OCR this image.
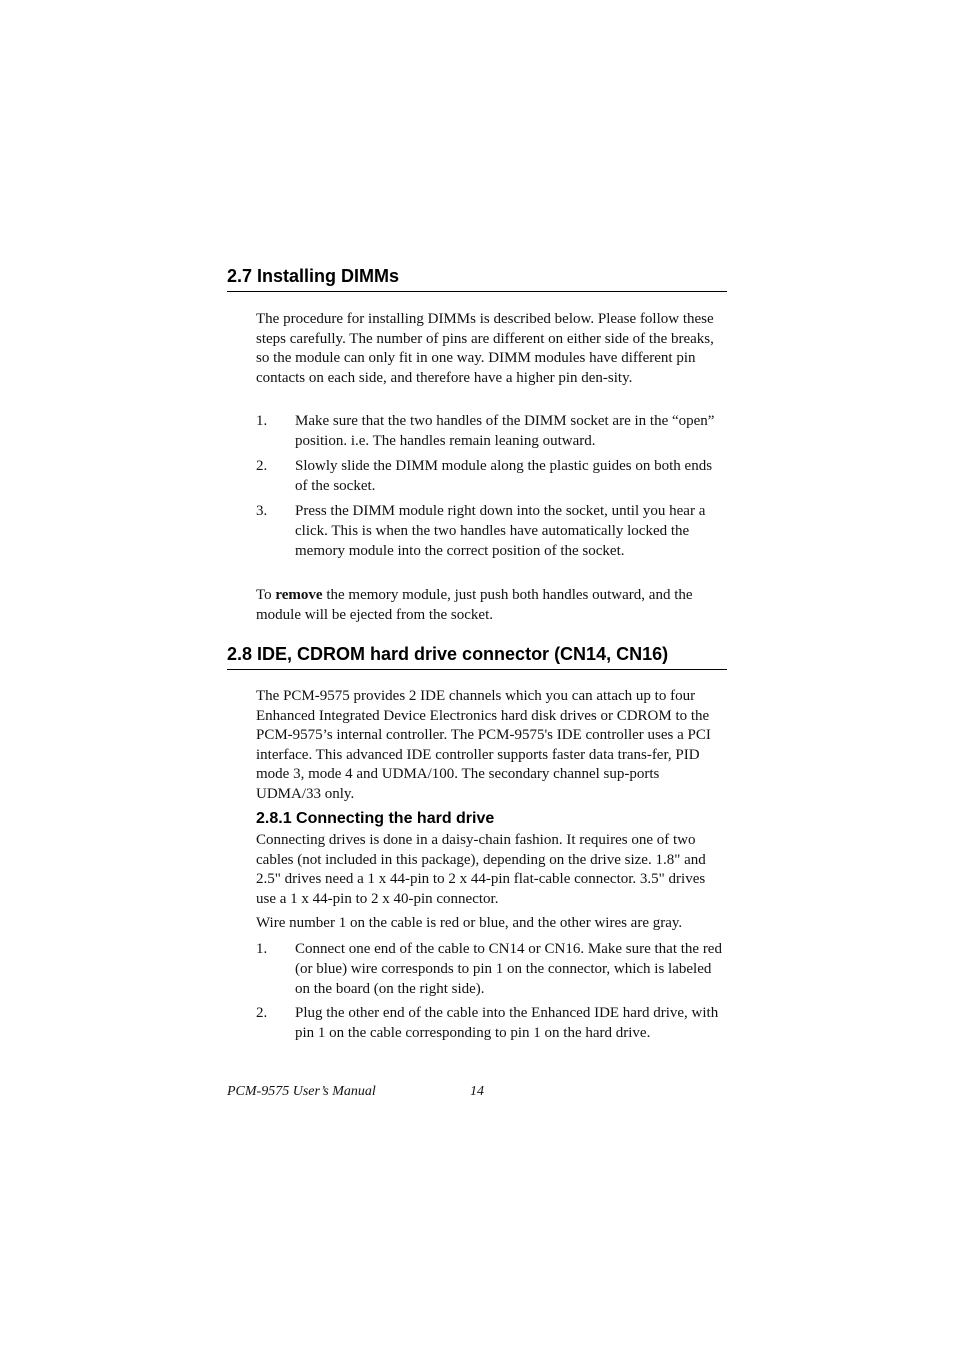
2.7 Installing DIMMs

The procedure for installing DIMMs is described below. Please follow these steps carefully. The number of pins are different on either side of the breaks, so the module can only fit in one way. DIMM modules have different pin contacts on each side, and therefore have a higher pin den-sity.

1. Make sure that the two handles of the DIMM socket are in the “open” position. i.e. The handles remain leaning outward.
2. Slowly slide the DIMM module along the plastic guides on both ends of the socket.
3. Press the DIMM module right down into the socket, until you hear a click. This is when the two handles have automatically locked the memory module into the correct position of the socket.

To remove the memory module, just push both handles outward, and the module will be ejected from the socket.

2.8 IDE, CDROM hard drive connector (CN14, CN16)

The PCM-9575 provides 2 IDE channels which you can attach up to four Enhanced Integrated Device Electronics hard disk drives or CDROM to the PCM-9575’s internal controller. The PCM-9575's IDE controller uses a PCI interface. This advanced IDE controller supports faster data trans-fer, PID mode 3, mode 4 and UDMA/100. The secondary channel sup-ports UDMA/33 only.

2.8.1 Connecting the hard drive

Connecting drives is done in a daisy-chain fashion. It requires one of two cables (not included in this package), depending on the drive size. 1.8" and 2.5" drives need a 1 x 44-pin to 2 x 44-pin flat-cable connector. 3.5" drives use a 1 x 44-pin to 2 x 40-pin connector.

Wire number 1 on the cable is red or blue, and the other wires are gray.

1. Connect one end of the cable to CN14 or CN16. Make sure that the red (or blue) wire corresponds to pin 1 on the connector, which is labeled on the board (on the right side).
2. Plug the other end of the cable into the Enhanced IDE hard drive, with pin 1 on the cable corresponding to pin 1 on the hard drive.
PCM-9575 User’s Manual	14
